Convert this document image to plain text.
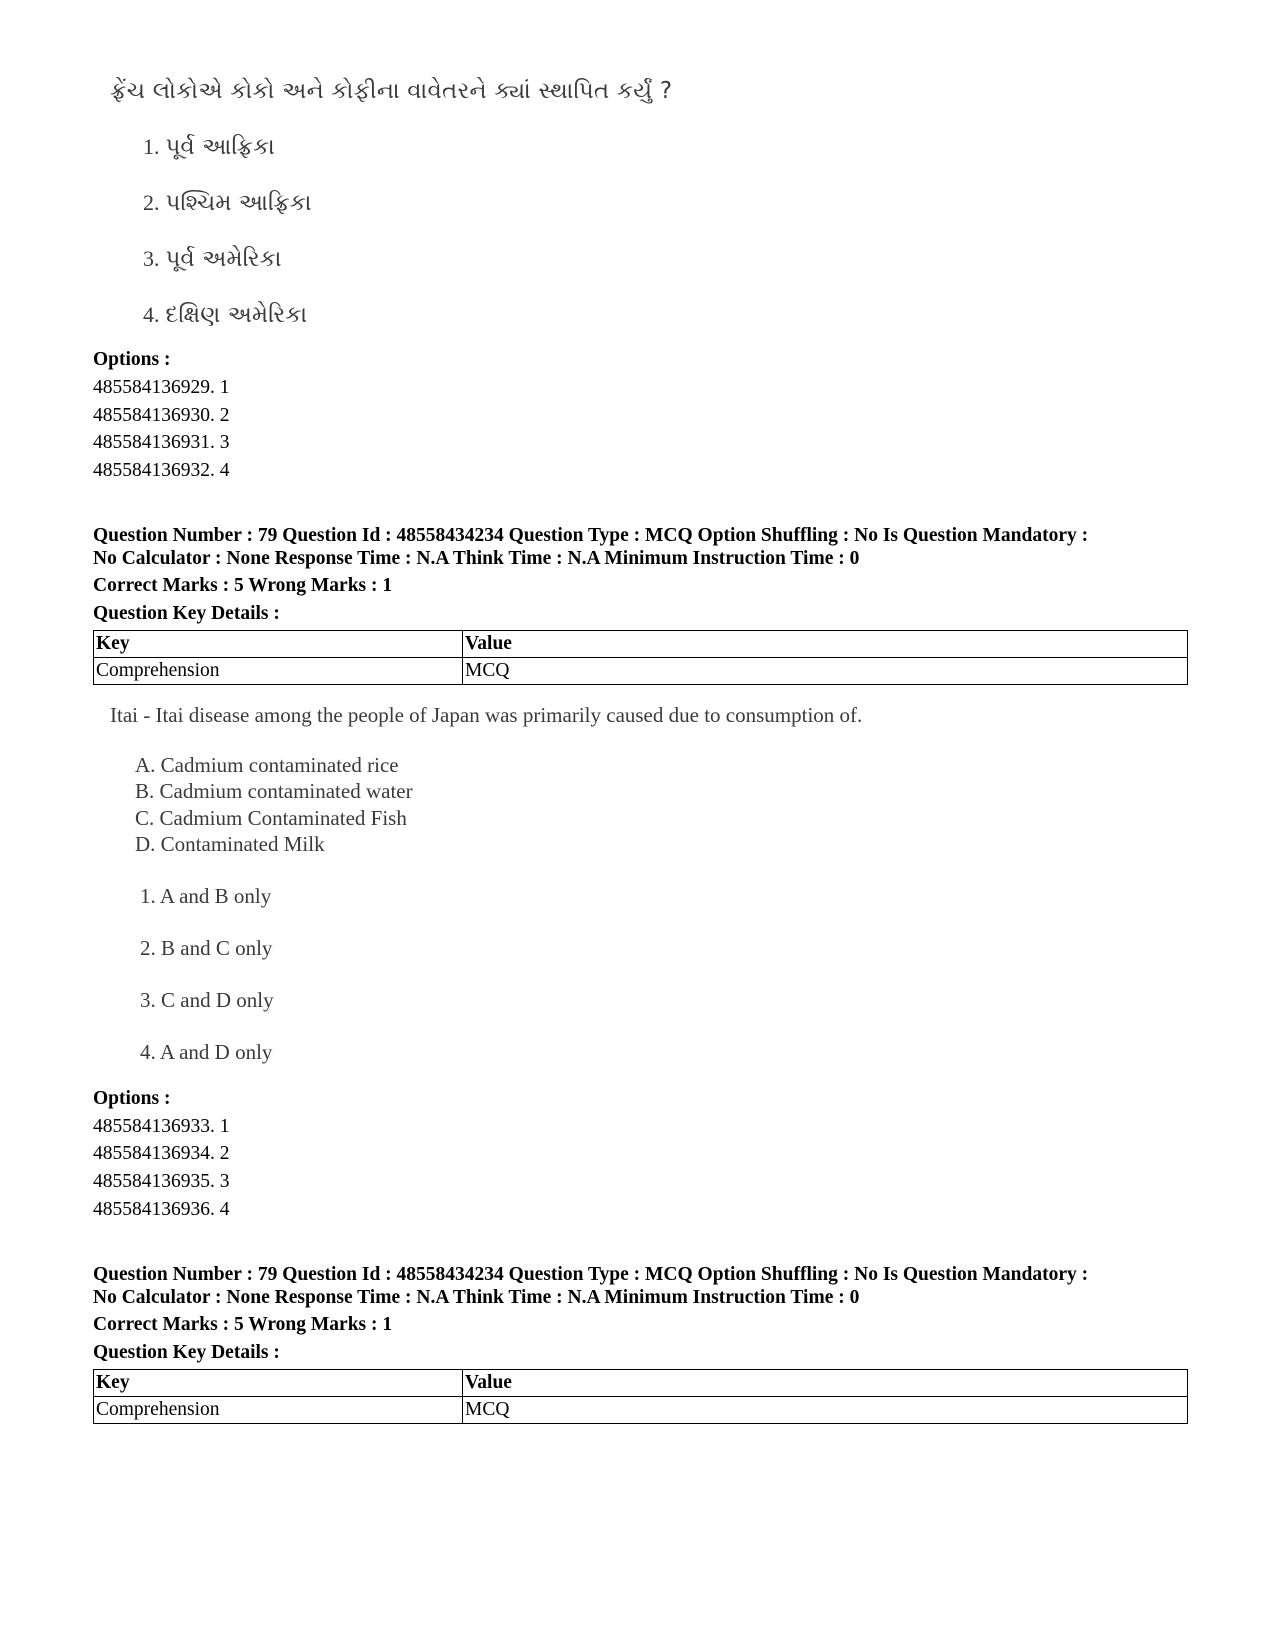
ફ્રેંચ લોકોએ કોકો અને કોફીના વાવેતરને ક્યાં સ્થાપિત કર્યું ?
1. પૂર્વ આફ્રિકા
2. પશ્ચિમ આફ્રિકા
3. પૂર્વ અમેરિકા
4. દક્ષિણ અમેરિકા
Options :
485584136929. 1
485584136930. 2
485584136931. 3
485584136932. 4
Question Number : 79 Question Id : 48558434234 Question Type : MCQ Option Shuffling : No Is Question Mandatory :
No Calculator : None Response Time : N.A Think Time : N.A Minimum Instruction Time : 0
Correct Marks : 5 Wrong Marks : 1
Question Key Details :
Key	Value
Comprehension	MCQ
Itai - Itai disease among the people of Japan was primarily caused due to consumption of.
A. Cadmium contaminated rice
B. Cadmium contaminated water
C. Cadmium Contaminated Fish
D. Contaminated Milk
1. A and B only
2. B and C only
3. C and D only
4. A and D only
Options :
485584136933. 1
485584136934. 2
485584136935. 3
485584136936. 4
Question Number : 79 Question Id : 48558434234 Question Type : MCQ Option Shuffling : No Is Question Mandatory :
No Calculator : None Response Time : N.A Think Time : N.A Minimum Instruction Time : 0
Correct Marks : 5 Wrong Marks : 1
Question Key Details :
Key	Value
Comprehension	MCQ
